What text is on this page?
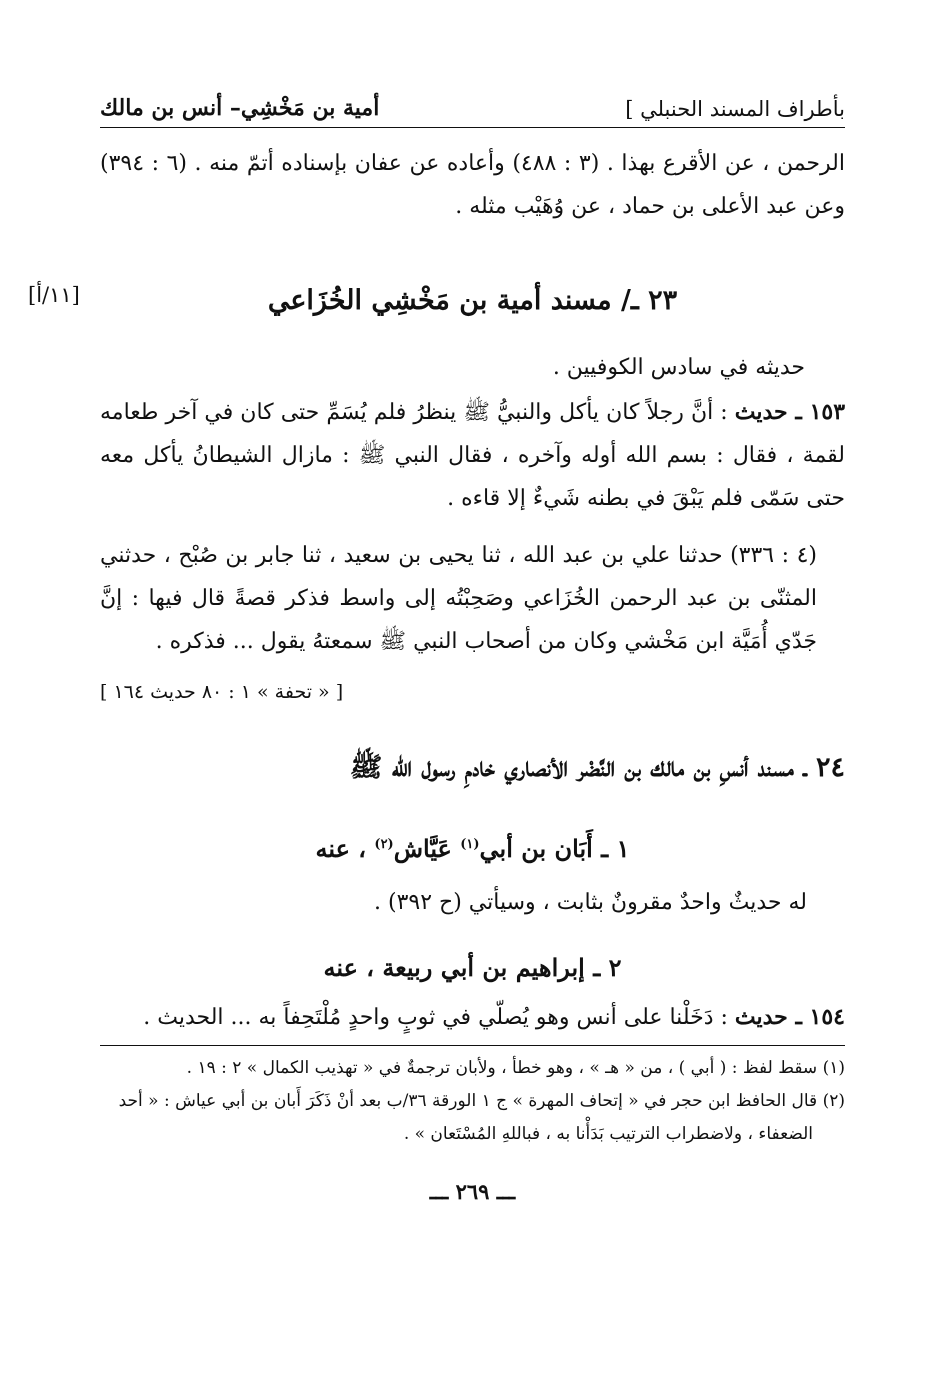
بأطراف المسند الحنبلي ]
أمية بن مَخْشِي– أنس بن مالك

الرحمن ، عن الأقرع بهذا . (٣ : ٤٨٨) وأعاده عن عفان بإسناده أتمّ منه . (٦ : ٣٩٤) وعن عبد الأعلى بن حماد ، عن وُهَيْب مثله .

٢٣ ـ/ مسند أمية بن مَخْشِي الخُزَاعي
[١١/أ]

حديثه في سادس الكوفيين .

١٥٣ ـ حديث : أنَّ رجلاً كان يأكل والنبيُّ ﷺ ينظرُ فلم يُسَمِّ حتى كان في آخر طعامه لقمة ، فقال : بسم الله أوله وآخره ، فقال النبي ﷺ : مازال الشيطانُ يأكل معه حتى سَمّى فلم يَبْقَ في بطنه شَيءٌ إلا قاءه .

(٤ : ٣٣٦) حدثنا علي بن عبد الله ، ثنا يحيى بن سعيد ، ثنا جابر بن صُبْح ، حدثني المثنّى بن عبد الرحمن الخُزَاعي وصَحِبْتُه إلى واسط فذكر قصةً قال فيها : إنَّ جَدّي أُمَيَّة ابن مَخْشي وكان من أصحاب النبي ﷺ سمعتهُ يقول ... فذكره .

[ « تحفة » ١ : ٨٠ حديث ١٦٤ ]

٢٤ ـ مسند أنسِ بن مالك بن النَّضْر الأنصاري خادمِ رسول الله ﷺ
١ ـ أَبَان بن أبي$^{(١)}$ عَيَّاش$^{(٢)}$ ، عنه

له حديثٌ واحدٌ مقرونٌ بثابت ، وسيأتي (ح ٣٩٢) .

٢ ـ إبراهيم بن أبي ربيعة ، عنه

١٥٤ ـ حديث : دَخَلْنا على أنس وهو يُصلّي في ثوبٍ واحدٍ مُلْتَحِفاً به ... الحديث .

(١) سقط لفظ : ( أبي ) ، من « هـ » ، وهو خطأ ، ولأبان ترجمةٌ في « تهذيب الكمال » ٢ : ١٩ .

(٢) قال الحافظ ابن حجر في « إتحاف المهرة » ج ١ الورقة ٣٦/ب بعد أنْ ذَكَرَ أَبان بن أبي عياش : « أحد

الضعفاء ، ولاضطراب الترتيب بَدَأْنا به ، فباللهِ المُسْتَعان » .

ـــ ٢٦٩ ـــ
